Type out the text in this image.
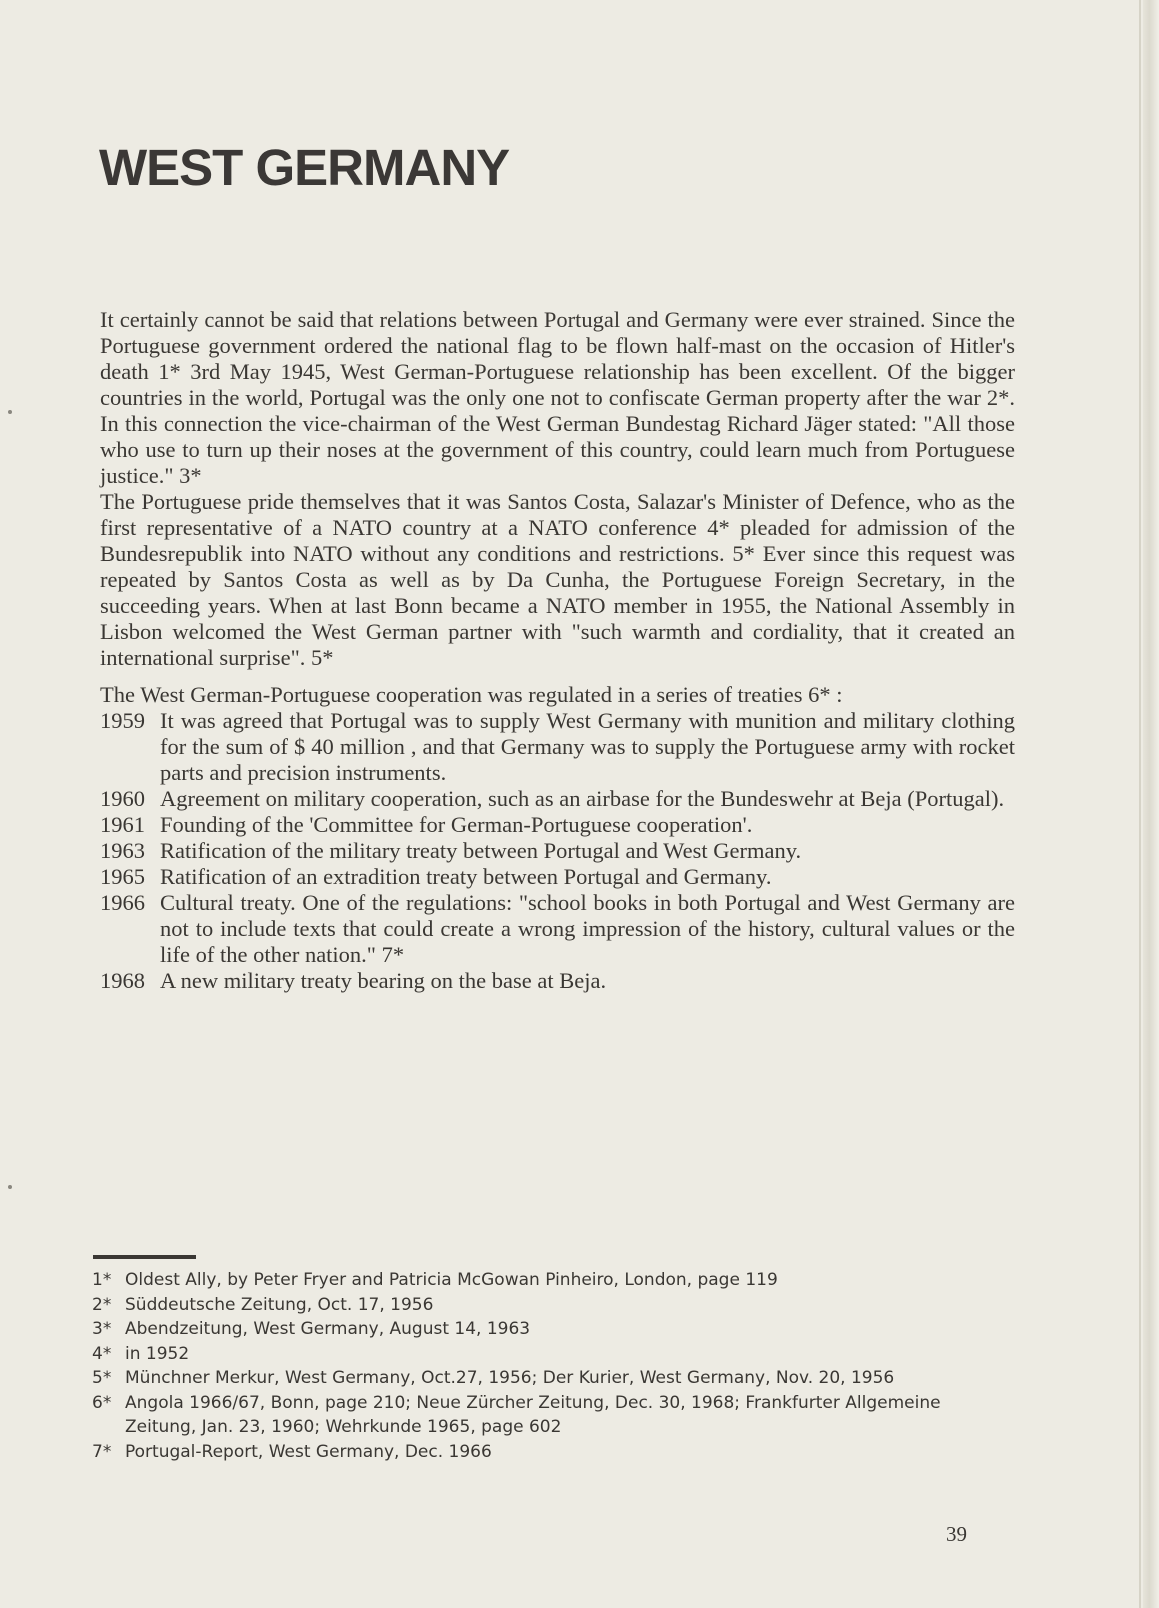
WEST GERMANY

It certainly cannot be said that relations between Portugal and Germany were ever strained. Since the Portuguese government ordered the national flag to be flown half-mast on the occasion of Hitler's death 1* 3rd May 1945, West German-Portuguese relationship has been excellent. Of the bigger countries in the world, Portugal was the only one not to confiscate German property after the war 2*. In this connection the vice-chairman of the West German Bundestag Richard Jäger stated: "All those who use to turn up their noses at the government of this country, could learn much from Portuguese justice." 3*

The Portuguese pride themselves that it was Santos Costa, Salazar's Minister of Defence, who as the first representative of a NATO country at a NATO conference 4* pleaded for admission of the Bundesrepublik into NATO without any conditions and restrictions. 5* Ever since this request was repeated by Santos Costa as well as by Da Cunha, the Portuguese Foreign Secretary, in the succeeding years. When at last Bonn became a NATO member in 1955, the National Assembly in Lisbon welcomed the West German partner with "such warmth and cordiality, that it created an international surprise". 5*

The West German-Portuguese cooperation was regulated in a series of treaties 6* :

1959 It was agreed that Portugal was to supply West Germany with munition and military clothing for the sum of $ 40 million , and that Germany was to supply the Portuguese army with rocket parts and precision instruments.
1960 Agreement on military cooperation, such as an airbase for the Bundeswehr at Beja (Portugal).
1961 Founding of the 'Committee for German-Portuguese cooperation'.
1963 Ratification of the military treaty between Portugal and West Germany.
1965 Ratification of an extradition treaty between Portugal and Germany.
1966 Cultural treaty. One of the regulations: "school books in both Portugal and West Germany are not to include texts that could create a wrong impression of the history, cultural values or the life of the other nation." 7*
1968 A new military treaty bearing on the base at Beja.
1* Oldest Ally, by Peter Fryer and Patricia McGowan Pinheiro, London, page 119
2* Süddeutsche Zeitung, Oct. 17, 1956
3* Abendzeitung, West Germany, August 14, 1963
4* in 1952
5* Münchner Merkur, West Germany, Oct.27, 1956; Der Kurier, West Germany, Nov. 20, 1956
6* Angola 1966/67, Bonn, page 210; Neue Zürcher Zeitung, Dec. 30, 1968; Frankfurter Allgemeine Zeitung, Jan. 23, 1960; Wehrkunde 1965, page 602
7* Portugal-Report, West Germany, Dec. 1966
39
